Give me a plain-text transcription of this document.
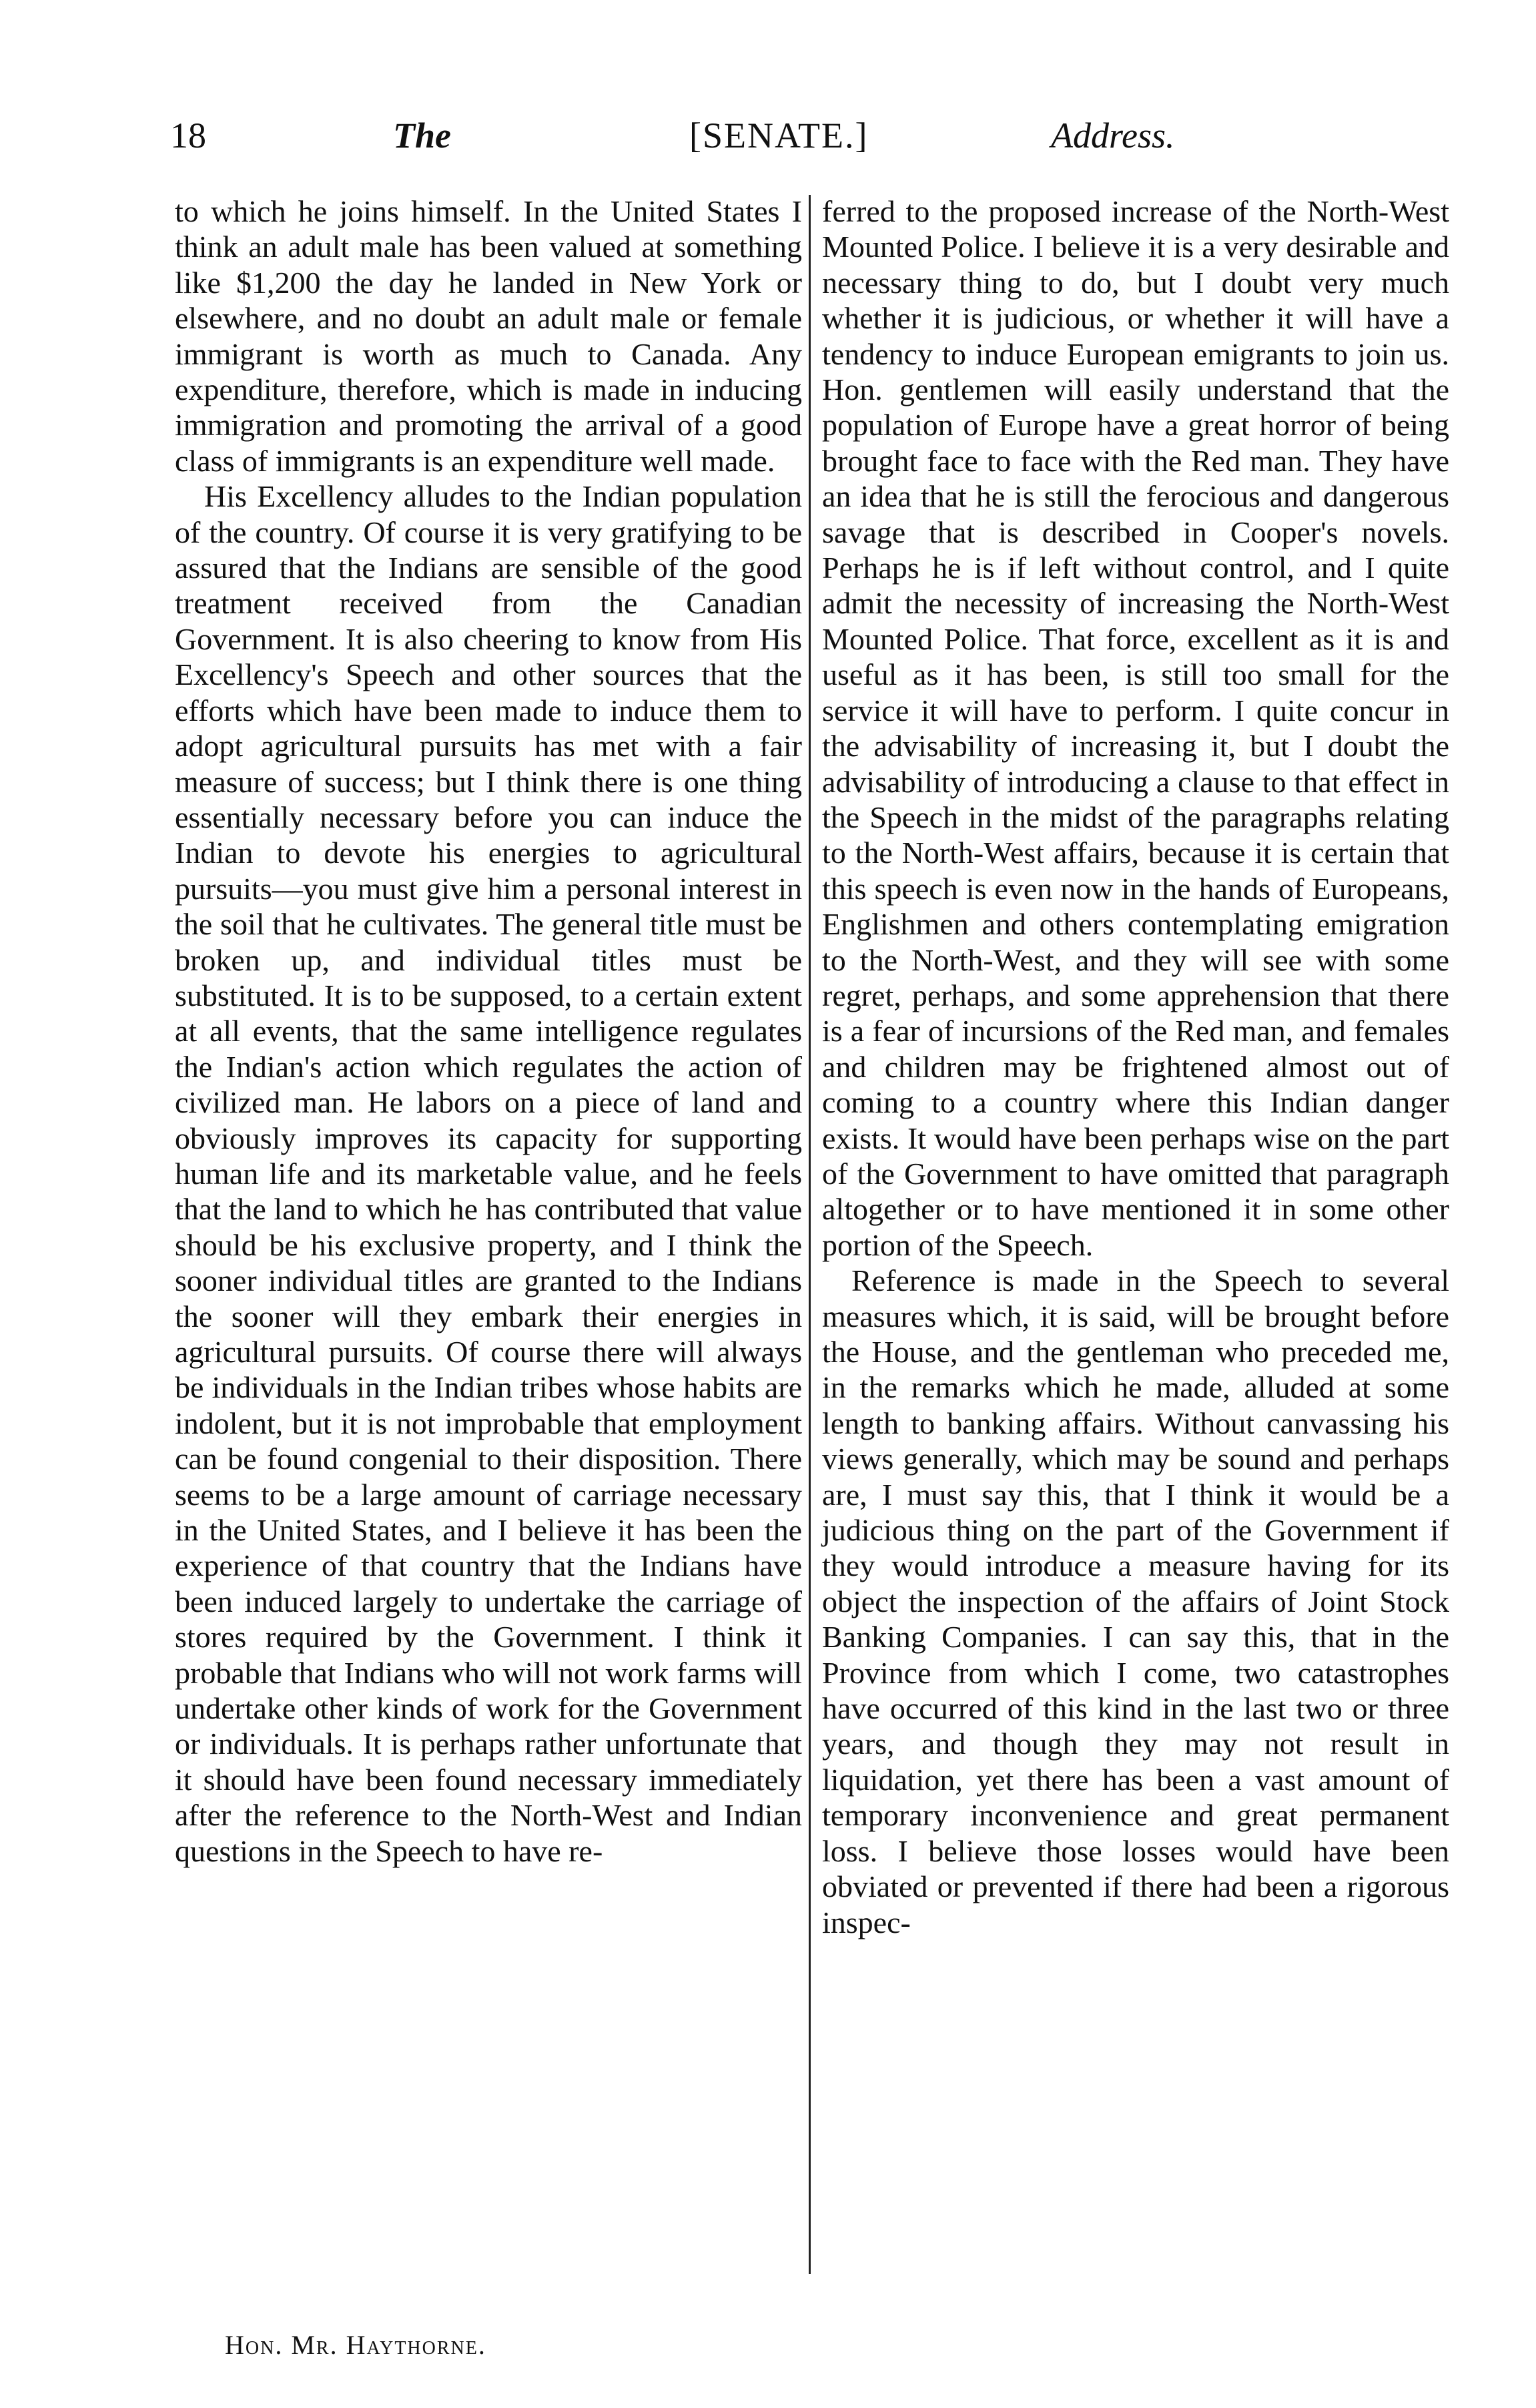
18	The	[SENATE.]	Address.

to which he joins himself. In the United States I think an adult male has been valued at something like $1,200 the day he landed in New York or elsewhere, and no doubt an adult male or female immigrant is worth as much to Canada. Any expenditure, therefore, which is made in inducing immigration and promoting the arrival of a good class of immigrants is an expenditure well made.

His Excellency alludes to the Indian population of the country. Of course it is very gratifying to be assured that the Indians are sensible of the good treatment received from the Canadian Government. It is also cheering to know from His Excellency's Speech and other sources that the efforts which have been made to induce them to adopt agricultural pursuits has met with a fair measure of success; but I think there is one thing essentially necessary before you can induce the Indian to devote his energies to agricultural pursuits—you must give him a personal interest in the soil that he cultivates. The general title must be broken up, and individual titles must be substituted. It is to be supposed, to a certain extent at all events, that the same intelligence regulates the Indian's action which regulates the action of civilized man. He labors on a piece of land and obviously improves its capacity for supporting human life and its marketable value, and he feels that the land to which he has contributed that value should be his exclusive property, and I think the sooner individual titles are granted to the Indians the sooner will they embark their energies in agricultural pursuits. Of course there will always be individuals in the Indian tribes whose habits are indolent, but it is not improbable that employment can be found congenial to their disposition. There seems to be a large amount of carriage necessary in the United States, and I believe it has been the experience of that country that the Indians have been induced largely to undertake the carriage of stores required by the Government. I think it probable that Indians who will not work farms will undertake other kinds of work for the Government or individuals. It is perhaps rather unfortunate that it should have been found necessary immediately after the reference to the North-West and Indian questions in the Speech to have re-

ferred to the proposed increase of the North-West Mounted Police. I believe it is a very desirable and necessary thing to do, but I doubt very much whether it is judicious, or whether it will have a tendency to induce European emigrants to join us. Hon. gentlemen will easily understand that the population of Europe have a great horror of being brought face to face with the Red man. They have an idea that he is still the ferocious and dangerous savage that is described in Cooper's novels. Perhaps he is if left without control, and I quite admit the necessity of increasing the North-West Mounted Police. That force, excellent as it is and useful as it has been, is still too small for the service it will have to perform. I quite concur in the advisability of increasing it, but I doubt the advisability of introducing a clause to that effect in the Speech in the midst of the paragraphs relating to the North-West affairs, because it is certain that this speech is even now in the hands of Europeans, Englishmen and others contemplating emigration to the North-West, and they will see with some regret, perhaps, and some apprehension that there is a fear of incursions of the Red man, and females and children may be frightened almost out of coming to a country where this Indian danger exists. It would have been perhaps wise on the part of the Government to have omitted that paragraph altogether or to have mentioned it in some other portion of the Speech.

Reference is made in the Speech to several measures which, it is said, will be brought before the House, and the gentleman who preceded me, in the remarks which he made, alluded at some length to banking affairs. Without canvassing his views generally, which may be sound and perhaps are, I must say this, that I think it would be a judicious thing on the part of the Government if they would introduce a measure having for its object the inspection of the affairs of Joint Stock Banking Companies. I can say this, that in the Province from which I come, two catastrophes have occurred of this kind in the last two or three years, and though they may not result in liquidation, yet there has been a vast amount of temporary inconvenience and great permanent loss. I believe those losses would have been obviated or prevented if there had been a rigorous inspec-

Hon. Mr. Haythorne.
